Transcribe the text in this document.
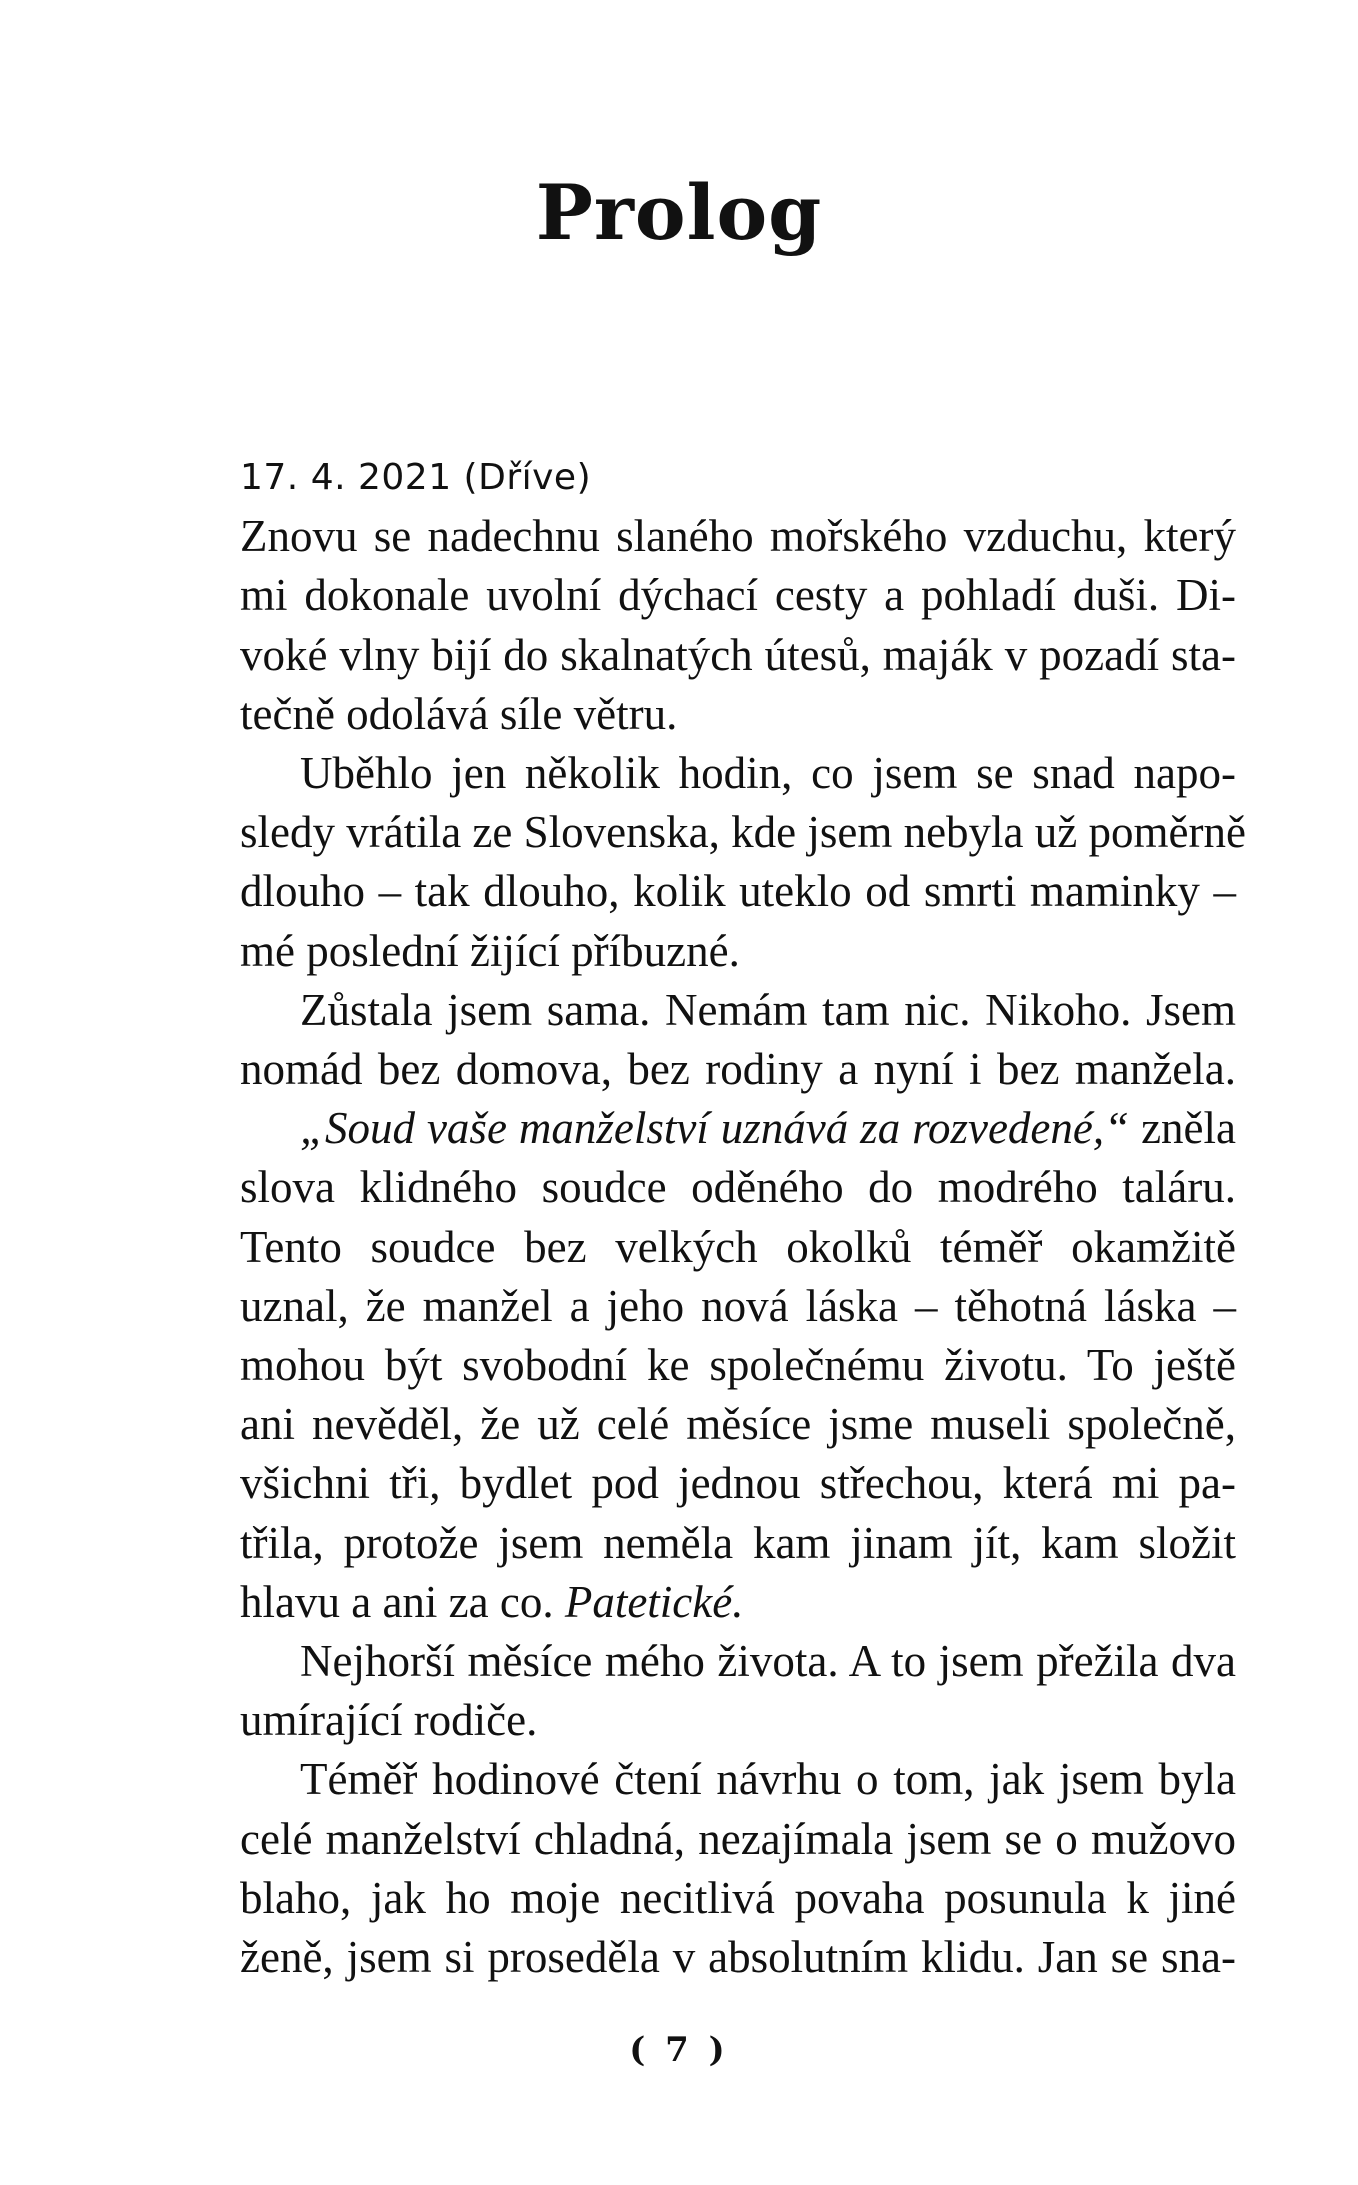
Prolog
17. 4. 2021 (Dříve)

Znovu se nadechnu slaného mořského vzduchu, který
mi dokonale uvolní dýchací cesty a pohladí duši. Di-
voké vlny bijí do skalnatých útesů, maják v pozadí sta-
tečně odolává síle větru.

Uběhlo jen několik hodin, co jsem se snad napo-
sledy vrátila ze Slovenska, kde jsem nebyla už poměrně
dlouho – tak dlouho, kolik uteklo od smrti maminky –
mé poslední žijící příbuzné.

Zůstala jsem sama. Nemám tam nic. Nikoho. Jsem
nomád bez domova, bez rodiny a nyní i bez manžela.

„Soud vaše manželství uznává za rozvedené,“ zněla
slova klidného soudce oděného do modrého taláru.
Tento soudce bez velkých okolků téměř okamžitě
uznal, že manžel a jeho nová láska – těhotná láska –
mohou být svobodní ke společnému životu. To ještě
ani nevěděl, že už celé měsíce jsme museli společně,
všichni tři, bydlet pod jednou střechou, která mi pa-
třila, protože jsem neměla kam jinam jít, kam složit
hlavu a ani za co. Patetické.

Nejhorší měsíce mého života. A to jsem přežila dva
umírající rodiče.

Téměř hodinové čtení návrhu o tom, jak jsem byla
celé manželství chladná, nezajímala jsem se o mužovo
blaho, jak ho moje necitlivá povaha posunula k jiné
ženě, jsem si proseděla v absolutním klidu. Jan se sna-

( 7 )
